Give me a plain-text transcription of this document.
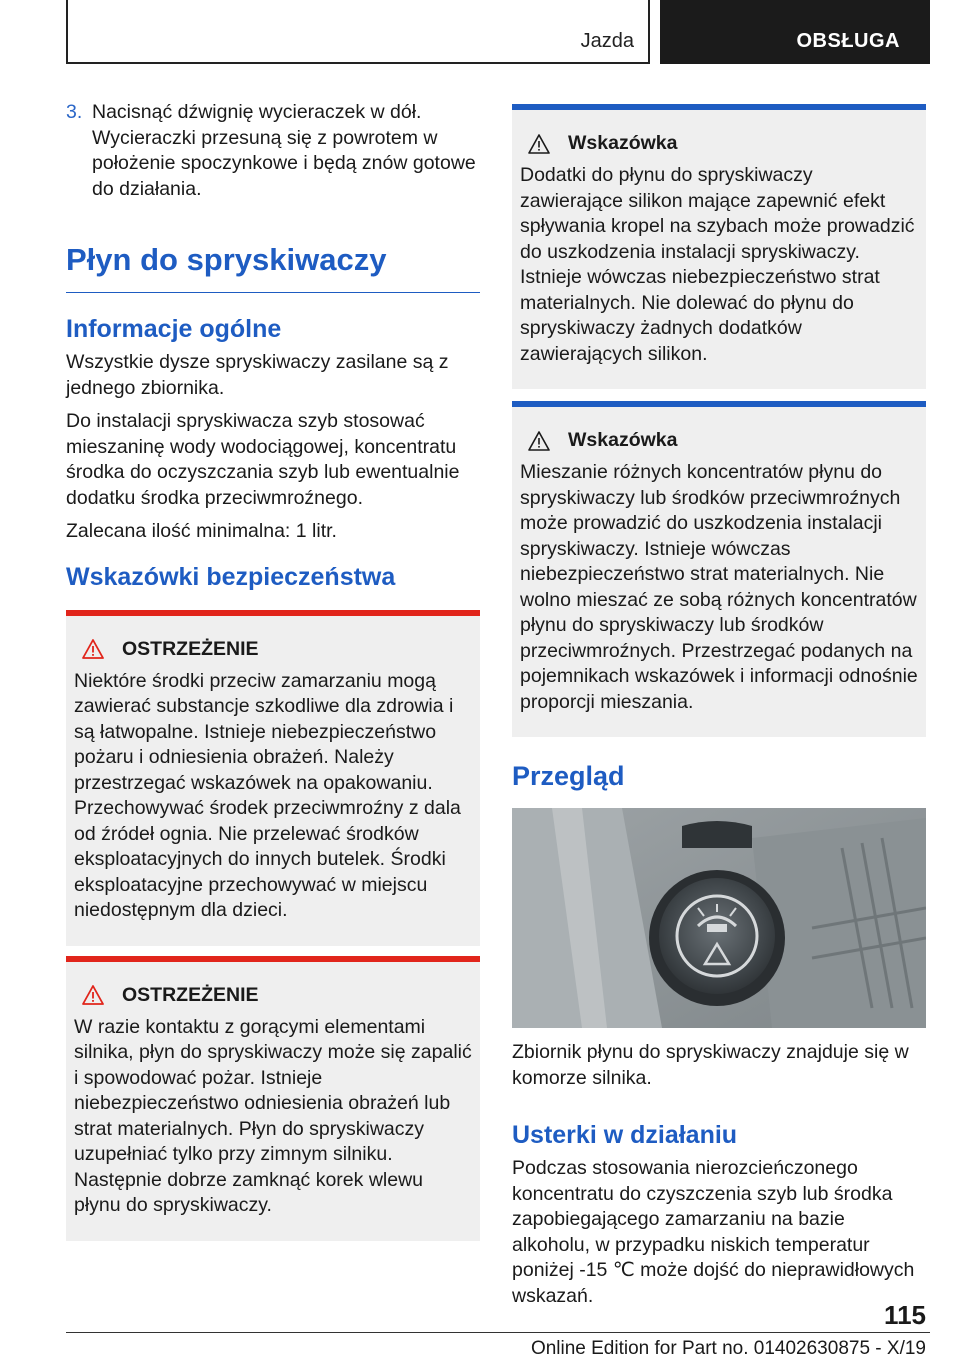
Jazda	OBSŁUGA
3. Nacisnąć dźwignię wycieraczek w dół. Wycieraczki przesuną się z powrotem w położenie spoczynkowe i będą znów gotowe do działania.
Płyn do spryskiwaczy
Informacje ogólne

Wszystkie dysze spryskiwaczy zasilane są z jednego zbiornika.

Do instalacji spryskiwacza szyb stosować mieszaninę wody wodociągowej, koncentratu środka do oczyszczania szyb lub ewentualnie dodatku środka przeciwmroźnego.

Zalecana ilość minimalna: 1 litr.

Wskazówki bezpieczeństwa
OSTRZEŻENIE

Niektóre środki przeciw zamarzaniu mogą zawierać substancje szkodliwe dla zdrowia i są łatwopalne. Istnieje niebezpieczeństwo pożaru i odniesienia obrażeń. Należy przestrzegać wskazówek na opakowaniu. Przechowywać środek przeciwmroźny z dala od źródeł ognia. Nie przelewać środków eksploatacyjnych do innych butelek. Środki eksploatacyjne przechowywać w miejscu niedostępnym dla dzieci.

OSTRZEŻENIE

W razie kontaktu z gorącymi elementami silnika, płyn do spryskiwaczy może się zapalić i spowodować pożar. Istnieje niebezpieczeństwo odniesienia obrażeń lub strat materialnych. Płyn do spryskiwaczy uzupełniać tylko przy zimnym silniku. Następnie dobrze zamknąć korek wlewu płynu do spryskiwaczy.

Wskazówka

Dodatki do płynu do spryskiwaczy zawierające silikon mające zapewnić efekt spływania kropel na szybach może prowadzić do uszkodzenia instalacji spryskiwaczy. Istnieje wówczas niebezpieczeństwo strat materialnych. Nie dolewać do płynu do spryskiwaczy żadnych dodatków zawierających silikon.

Wskazówka

Mieszanie różnych koncentratów płynu do spryskiwaczy lub środków przeciwmroźnych może prowadzić do uszkodzenia instalacji spryskiwaczy. Istnieje wówczas niebezpieczeństwo strat materialnych. Nie wolno mieszać ze sobą różnych koncentratów płynu do spryskiwaczy lub środków przeciwmroźnych. Przestrzegać podanych na pojemnikach wskazówek i informacji odnośnie proporcji mieszania.

Przegląd

Zbiornik płynu do spryskiwaczy znajduje się w komorze silnika.

Usterki w działaniu

Podczas stosowania nierozcieńczonego koncentratu do czyszczenia szyb lub środka zapobiegającego zamarzaniu na bazie alkoholu, w przypadku niskich temperatur poniżej -15 ℃ może dojść do nieprawidłowych wskazań.

115
Online Edition for Part no. 01402630875 - X/19
